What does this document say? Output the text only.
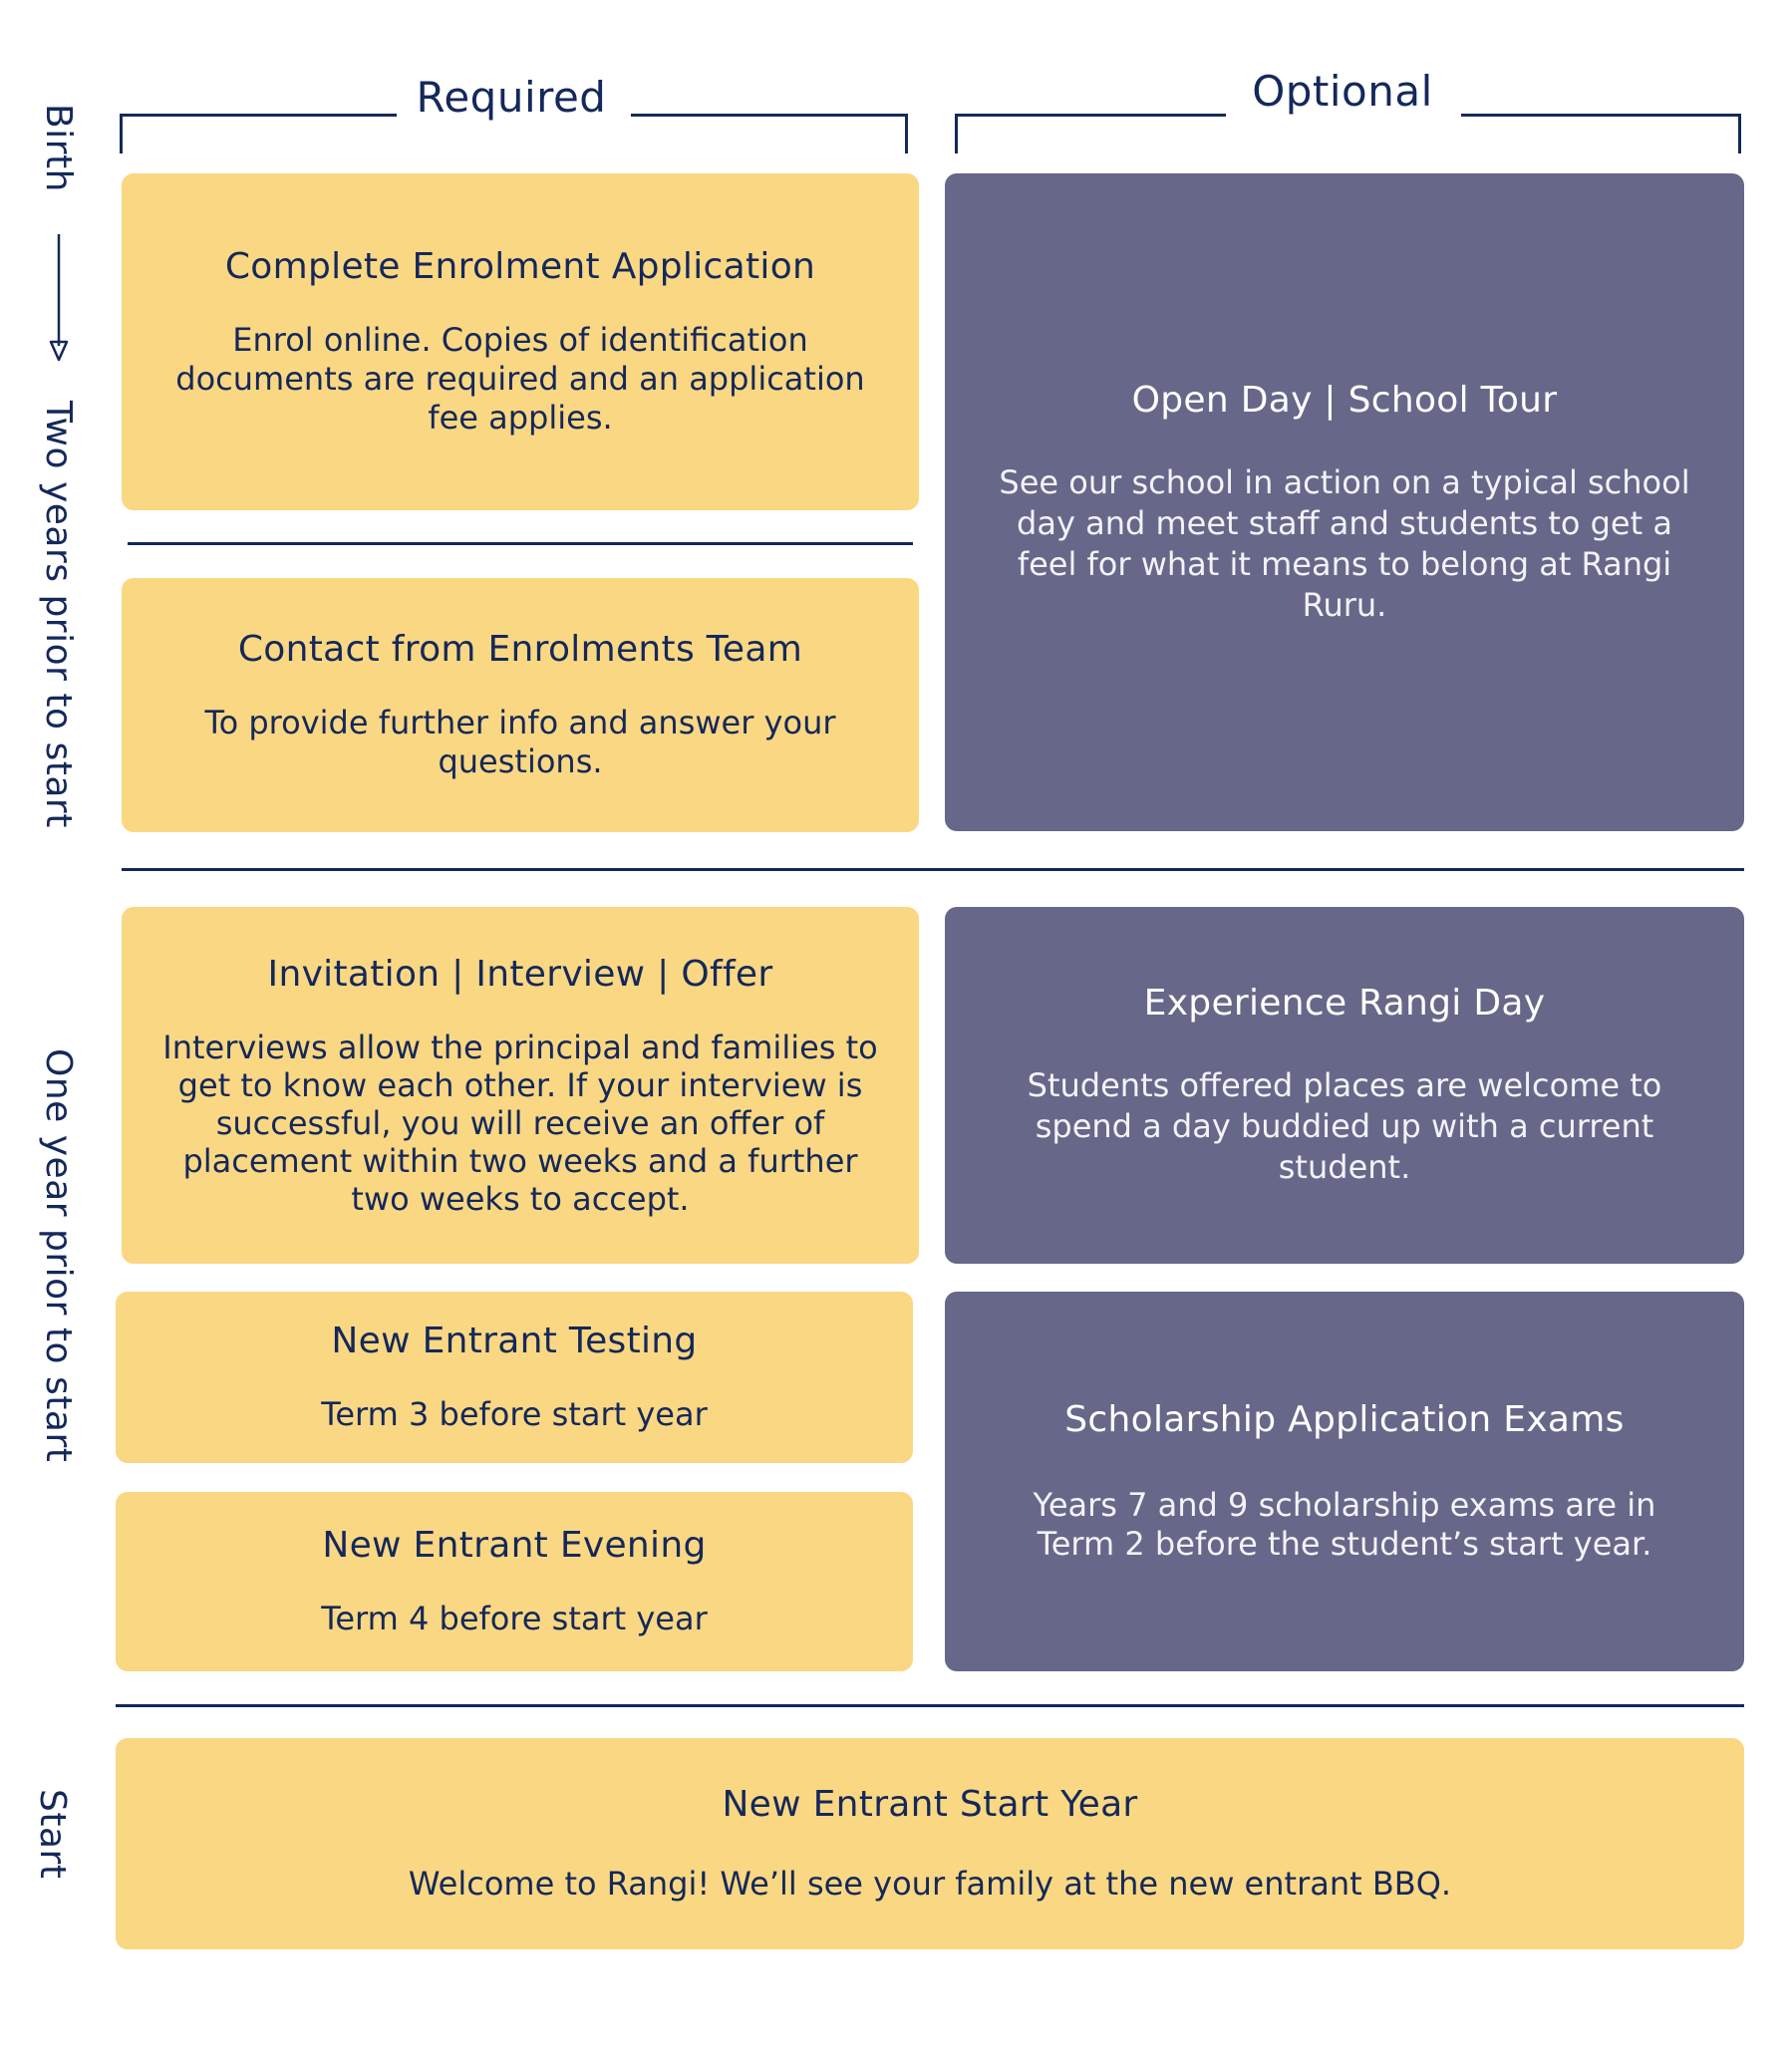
Required	Optional
Birth
Two years prior to start
One year prior to start
Start
Complete Enrolment Application

Enrol online. Copies of identification documents are required and an application fee applies.

Contact from Enrolments Team

To provide further info and answer your questions.

Open Day | School Tour

See our school in action on a typical school day and meet staff and students to get a feel for what it means to belong at Rangi Ruru.

Invitation | Interview | Offer

Interviews allow the principal and families to get to know each other. If your interview is successful, you will receive an offer of placement within two weeks and a further two weeks to accept.

Experience Rangi Day

Students offered places are welcome to spend a day buddied up with a current student.

New Entrant Testing

Term 3 before start year

New Entrant Evening

Term 4 before start year

Scholarship Application Exams

Years 7 and 9 scholarship exams are in Term 2 before the student’s start year.

New Entrant Start Year

Welcome to Rangi! We’ll see your family at the new entrant BBQ.
